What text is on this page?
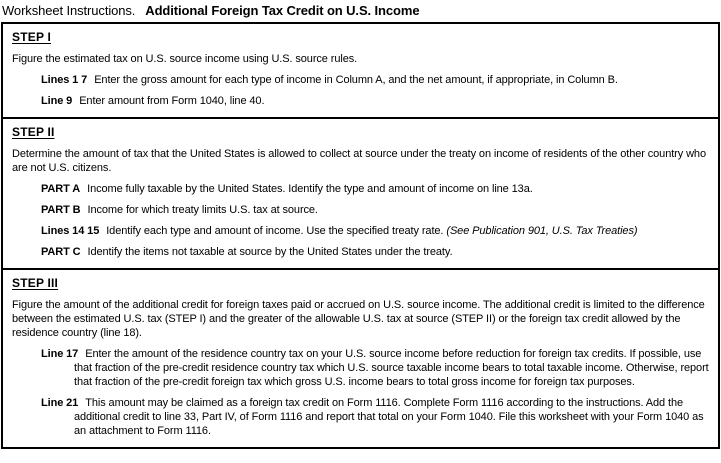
Worksheet Instructions. Additional Foreign Tax Credit on U.S. Income
STEP I
Figure the estimated tax on U.S. source income using U.S. source rules.
Lines 1 7 Enter the gross amount for each type of income in Column A, and the net amount, if appropriate, in Column B.
Line 9 Enter amount from Form 1040, line 40.
STEP II
Determine the amount of tax that the United States is allowed to collect at source under the treaty on income of residents of the other country who are not U.S. citizens.
PART A Income fully taxable by the United States. Identify the type and amount of income on line 13a.
PART B Income for which treaty limits U.S. tax at source.
Lines 14 15 Identify each type and amount of income. Use the specified treaty rate. (See Publication 901, U.S. Tax Treaties)
PART C Identify the items not taxable at source by the United States under the treaty.
STEP III
Figure the amount of the additional credit for foreign taxes paid or accrued on U.S. source income. The additional credit is limited to the difference between the estimated U.S. tax (STEP I) and the greater of the allowable U.S. tax at source (STEP II) or the foreign tax credit allowed by the residence country (line 18).
Line 17 Enter the amount of the residence country tax on your U.S. source income before reduction for foreign tax credits. If possible, use that fraction of the pre-credit residence country tax which U.S. source taxable income bears to total taxable income. Otherwise, report that fraction of the pre-credit foreign tax which gross U.S. income bears to total gross income for foreign tax purposes.
Line 21 This amount may be claimed as a foreign tax credit on Form 1116. Complete Form 1116 according to the instructions. Add the additional credit to line 33, Part IV, of Form 1116 and report that total on your Form 1040. File this worksheet with your Form 1040 as an attachment to Form 1116.
